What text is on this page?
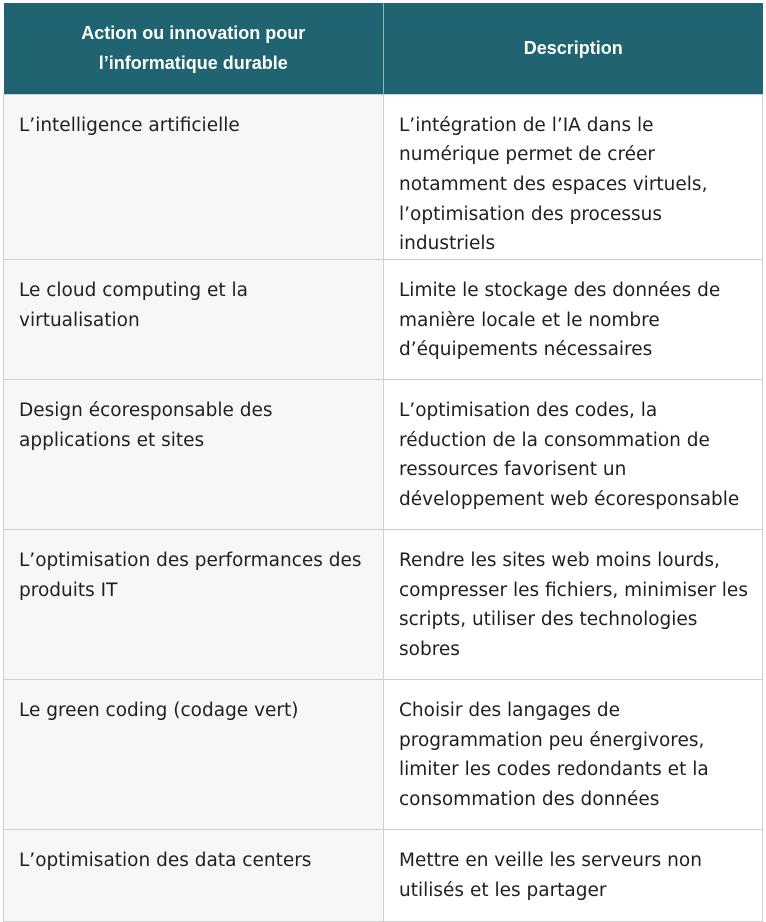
Action ou innovation pour l’informatique durable	Description
L’intelligence artificielle	L’intégration de l’IA dans le numérique permet de créer notamment des espaces virtuels, l’optimisation des processus industriels
Le cloud computing et la virtualisation	Limite le stockage des données de manière locale et le nombre d’équipements nécessaires
Design écoresponsable des applications et sites	L’optimisation des codes, la réduction de la consommation de ressources favorisent un développement web écoresponsable
L’optimisation des performances des produits IT	Rendre les sites web moins lourds, compresser les fichiers, minimiser les scripts, utiliser des technologies sobres
Le green coding (codage vert)	Choisir des langages de programmation peu énergivores, limiter les codes redondants et la consommation des données
L’optimisation des data centers	Mettre en veille les serveurs non utilisés et les partager
